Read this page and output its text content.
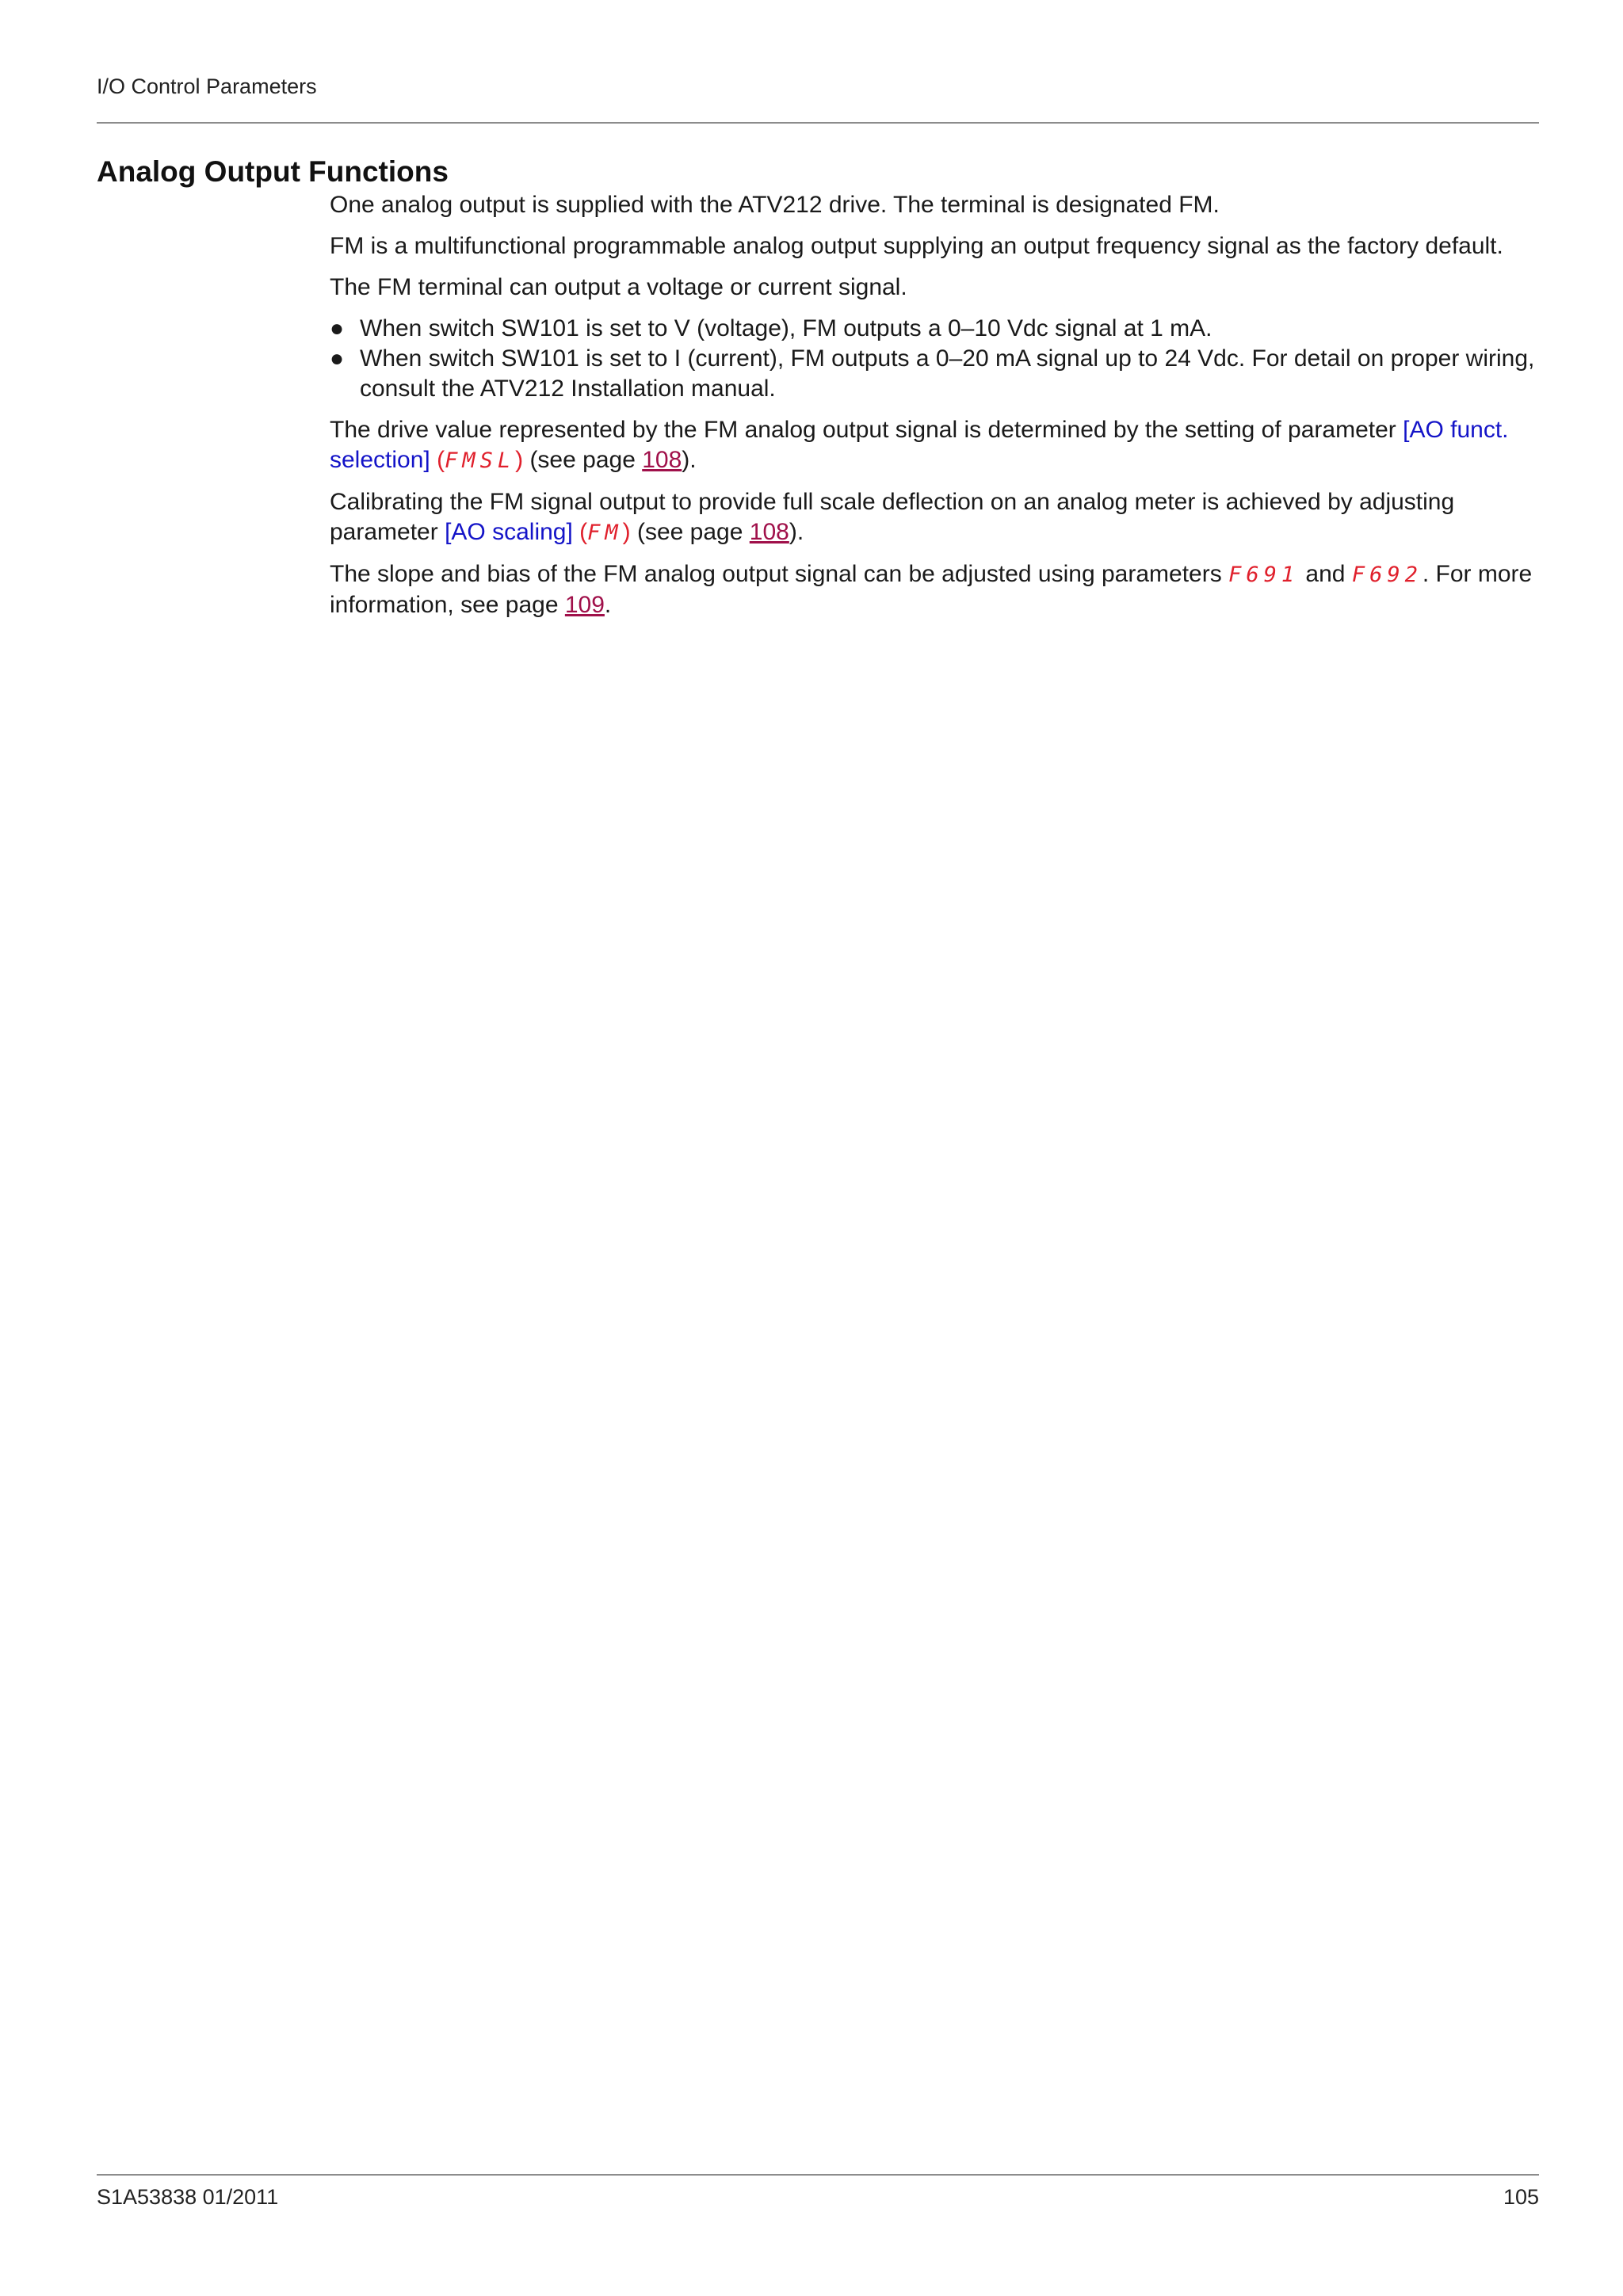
I/O Control Parameters
Analog Output Functions

One analog output is supplied with the ATV212 drive. The terminal is designated FM.

FM is a multifunctional programmable analog output supplying an output frequency signal as the factory default.

The FM terminal can output a voltage or current signal.

● When switch SW101 is set to V (voltage), FM outputs a 0–10 Vdc signal at 1 mA.
● When switch SW101 is set to I (current), FM outputs a 0–20 mA signal up to 24 Vdc. For detail on proper wiring, consult the ATV212 Installation manual.

The drive value represented by the FM analog output signal is determined by the setting of parameter [AO funct. selection] (FMSL) (see page 108).

Calibrating the FM signal output to provide full scale deflection on an analog meter is achieved by adjusting parameter [AO scaling] (FM) (see page 108).

The slope and bias of the FM analog output signal can be adjusted using parameters F691 and F692. For more information, see page 109.

S1A53838 01/2011	105
